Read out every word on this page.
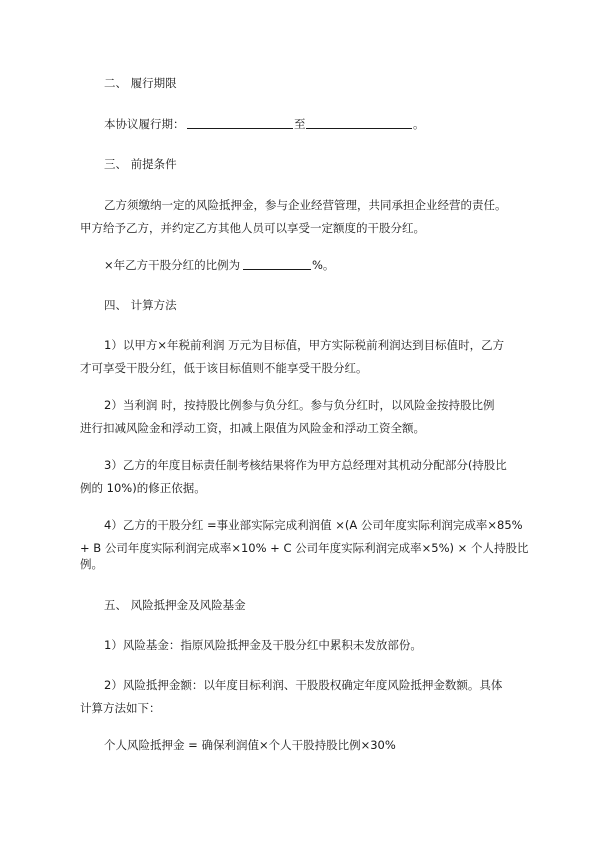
二、 履行期限
本协议履行期：	至	。
三、 前提条件
乙方须缴纳一定的风险抵押金，参与企业经营管理，共同承担企业经营的责任。
甲方给予乙方，并约定乙方其他人员可以享受一定额度的干股分红。
×年乙方干股分红的比例为	%。
四、 计算方法
1）以甲方×年税前利润 万元为目标值，甲方实际税前利润达到目标值时，乙方
才可享受干股分红，低于该目标值则不能享受干股分红。
2）当利润 时，按持股比例参与负分红。参与负分红时，以风险金按持股比例
进行扣减风险金和浮动工资，扣减上限值为风险金和浮动工资全额。
3）乙方的年度目标责任制考核结果将作为甲方总经理对其机动分配部分(持股比
例的 10%)的修正依据。
4）乙方的干股分红 =事业部实际完成利润值 ×(A 公司年度实际利润完成率×85%
+ B 公司年度实际利润完成率×10% + C 公司年度实际利润完成率×5%) × 个人持股比
例。
五、 风险抵押金及风险基金
1）风险基金：指原风险抵押金及干股分红中累积未发放部份。
2）风险抵押金额：以年度目标利润、干股股权确定年度风险抵押金数额。具体
计算方法如下：
个人风险抵押金 = 确保利润值×个人干股持股比例×30%
